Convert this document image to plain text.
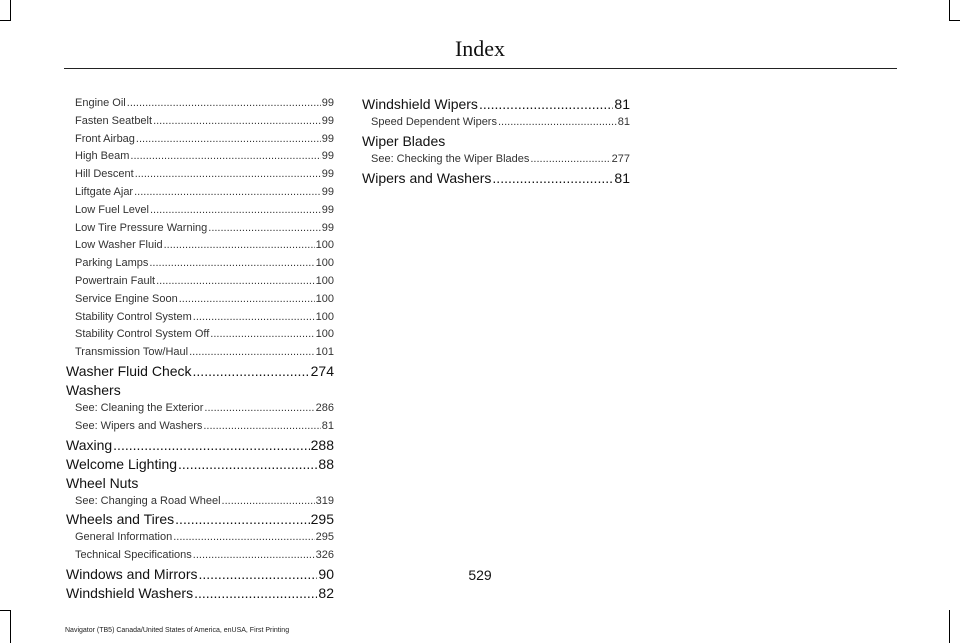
Index
Engine Oil .....	99
Fasten Seatbelt .....	99
Front Airbag .....	99
High Beam .....	99
Hill Descent .....	99
Liftgate Ajar .....	99
Low Fuel Level .....	99
Low Tire Pressure Warning .....	99
Low Washer Fluid .....	100
Parking Lamps .....	100
Powertrain Fault .....	100
Service Engine Soon .....	100
Stability Control System .....	100
Stability Control System Off .....	100
Transmission Tow/Haul .....	101
Washer Fluid Check .....	274
Washers
See: Cleaning the Exterior .....	286
See: Wipers and Washers .....	81
Waxing .....	288
Welcome Lighting .....	88
Wheel Nuts
See: Changing a Road Wheel .....	319
Wheels and Tires .....	295
General Information .....	295
Technical Specifications .....	326
Windows and Mirrors .....	90
Windshield Washers .....	82
Windshield Wipers .....	81
Speed Dependent Wipers .....	81
Wiper Blades
See: Checking the Wiper Blades .....	277
Wipers and Washers .....	81
529
Navigator (TB5) Canada/United States of America, enUSA, First Printing
